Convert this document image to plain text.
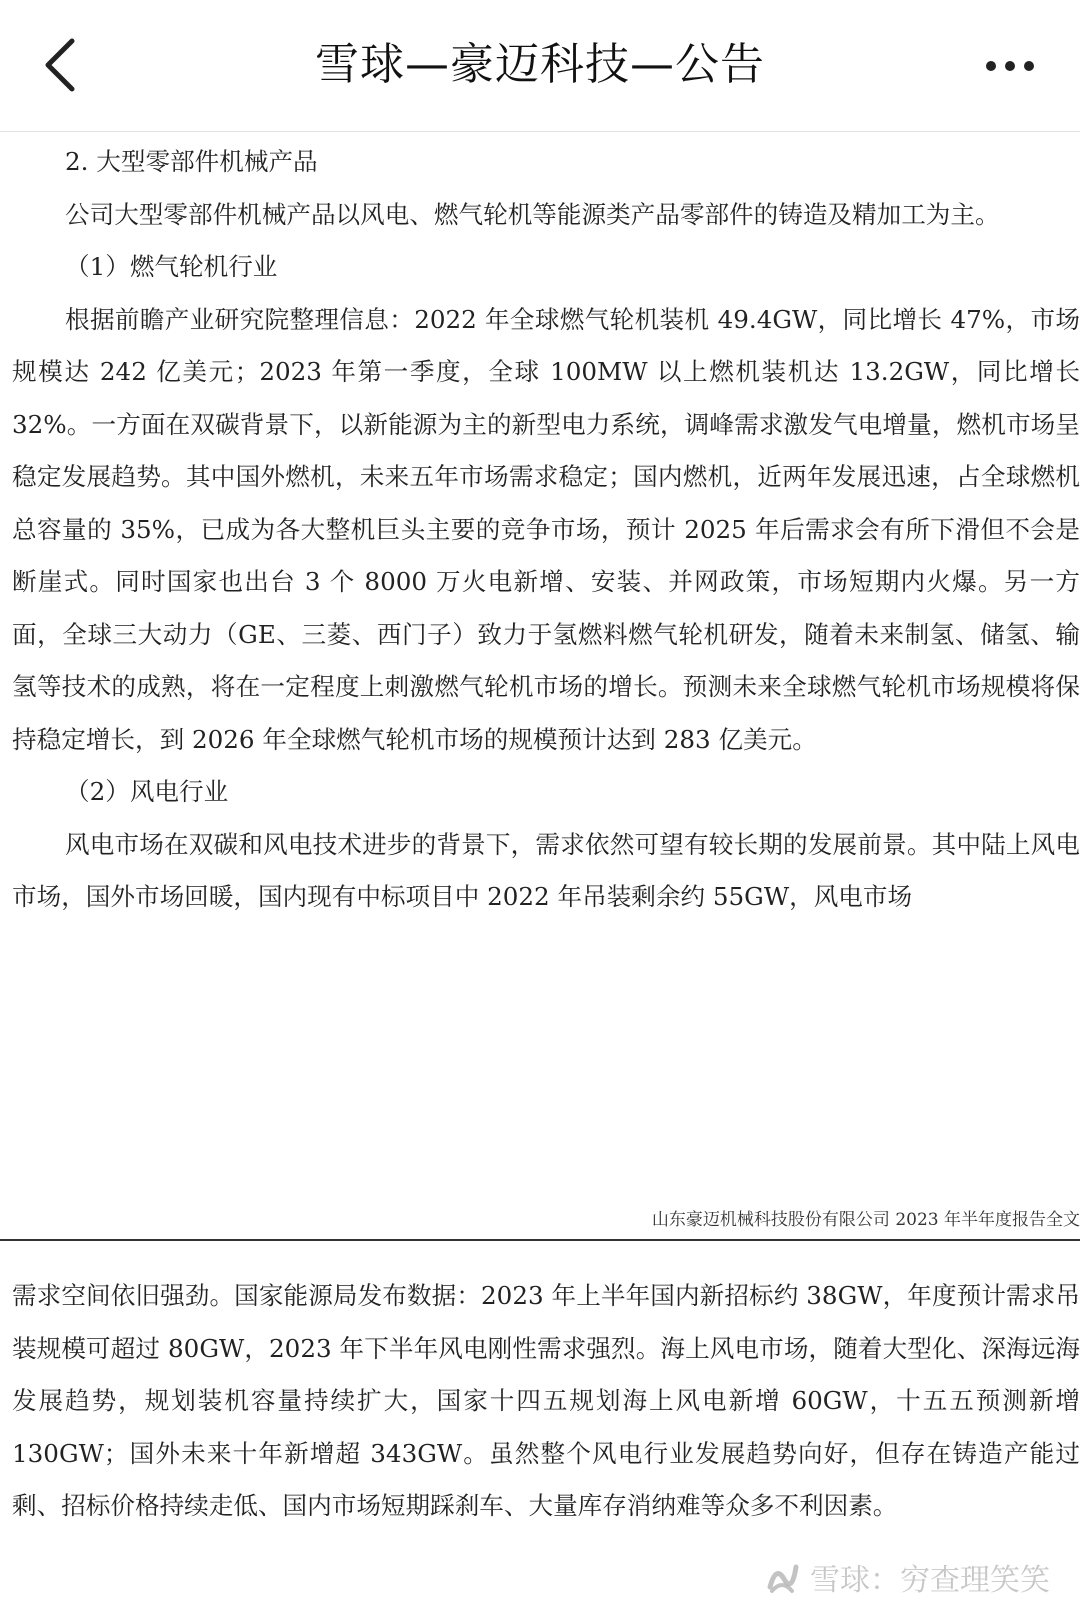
雪球—豪迈科技—公告

2. 大型零部件机械产品

公司大型零部件机械产品以风电、燃气轮机等能源类产品零部件的铸造及精加工为主。

（1）燃气轮机行业

根据前瞻产业研究院整理信息：2022 年全球燃气轮机装机 49.4GW，同比增长 47%，市场规模达 242 亿美元；2023 年第一季度，全球 100MW 以上燃机装机达 13.2GW，同比增长 32%。一方面在双碳背景下，以新能源为主的新型电力系统，调峰需求激发气电增量，燃机市场呈稳定发展趋势。其中国外燃机，未来五年市场需求稳定；国内燃机，近两年发展迅速，占全球燃机总容量的 35%，已成为各大整机巨头主要的竞争市场，预计 2025 年后需求会有所下滑但不会是断崖式。同时国家也出台 3 个 8000 万火电新增、安装、并网政策，市场短期内火爆。另一方面，全球三大动力（GE、三菱、西门子）致力于氢燃料燃气轮机研发，随着未来制氢、储氢、输氢等技术的成熟，将在一定程度上刺激燃气轮机市场的增长。预测未来全球燃气轮机市场规模将保持稳定增长，到 2026 年全球燃气轮机市场的规模预计达到 283 亿美元。

（2）风电行业

风电市场在双碳和风电技术进步的背景下，需求依然可望有较长期的发展前景。其中陆上风电市场，国外市场回暖，国内现有中标项目中 2022 年吊装剩余约 55GW，风电市场

山东豪迈机械科技股份有限公司 2023 年半年度报告全文

需求空间依旧强劲。国家能源局发布数据：2023 年上半年国内新招标约 38GW，年度预计需求吊装规模可超过 80GW，2023 年下半年风电刚性需求强烈。海上风电市场，随着大型化、深海远海发展趋势，规划装机容量持续扩大，国家十四五规划海上风电新增 60GW，十五五预测新增 130GW；国外未来十年新增超 343GW。虽然整个风电行业发展趋势向好，但存在铸造产能过剩、招标价格持续走低、国内市场短期踩刹车、大量库存消纳难等众多不利因素。

雪球：穷查理笑笑
